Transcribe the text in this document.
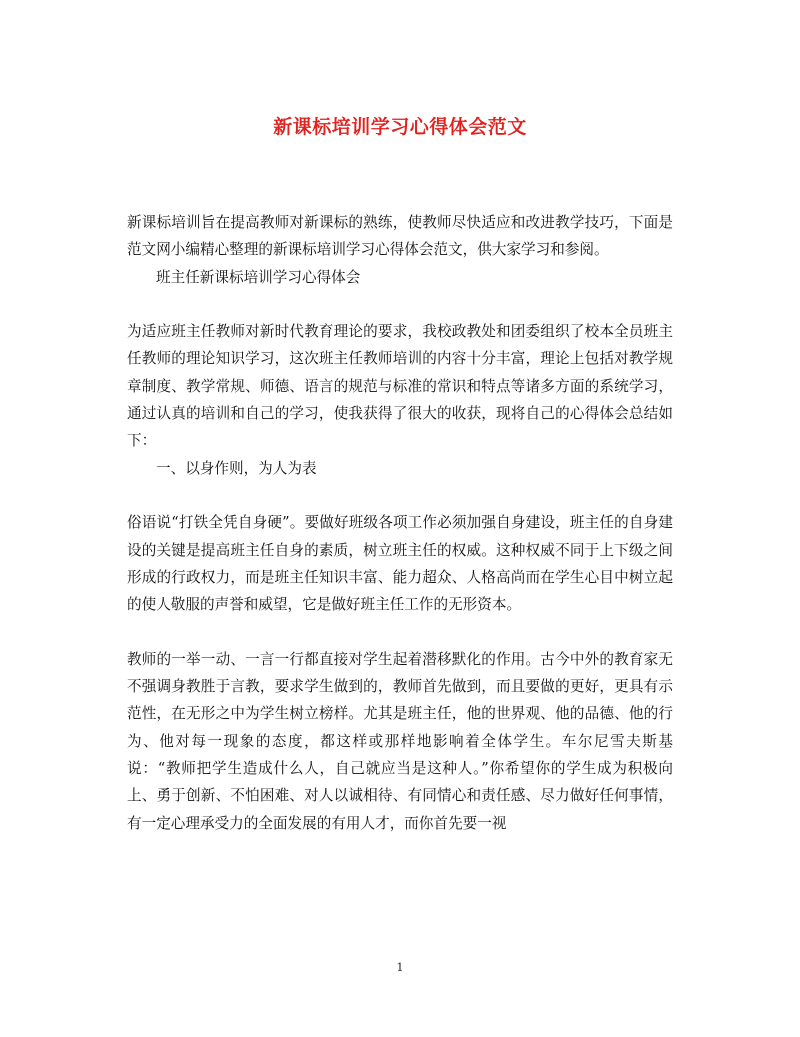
新课标培训学习心得体会范文

新课标培训旨在提高教师对新课标的熟练，使教师尽快适应和改进教学技巧，下面是范文网小编精心整理的新课标培训学习心得体会范文，供大家学习和参阅。

班主任新课标培训学习心得体会

为适应班主任教师对新时代教育理论的要求，我校政教处和团委组织了校本全员班主任教师的理论知识学习，这次班主任教师培训的内容十分丰富，理论上包括对教学规章制度、教学常规、师德、语言的规范与标准的常识和特点等诸多方面的系统学习，通过认真的培训和自己的学习，使我获得了很大的收获，现将自己的心得体会总结如下：

一、以身作则，为人为表

俗语说“打铁全凭自身硬”。要做好班级各项工作必须加强自身建设，班主任的自身建设的关键是提高班主任自身的素质，树立班主任的权威。这种权威不同于上下级之间形成的行政权力，而是班主任知识丰富、能力超众、人格高尚而在学生心目中树立起的使人敬服的声誉和威望，它是做好班主任工作的无形资本。

教师的一举一动、一言一行都直接对学生起着潜移默化的作用。古今中外的教育家无不强调身教胜于言教，要求学生做到的，教师首先做到，而且要做的更好，更具有示范性，在无形之中为学生树立榜样。尤其是班主任，他的世界观、他的品德、他的行为、他对每一现象的态度，都这样或那样地影响着全体学生。车尔尼雪夫斯基说：“教师把学生造成什么人，自己就应当是这种人。”你希望你的学生成为积极向上、勇于创新、不怕困难、对人以诚相待、有同情心和责任感、尽力做好任何事情，有一定心理承受力的全面发展的有用人才，而你首先要一视

1
